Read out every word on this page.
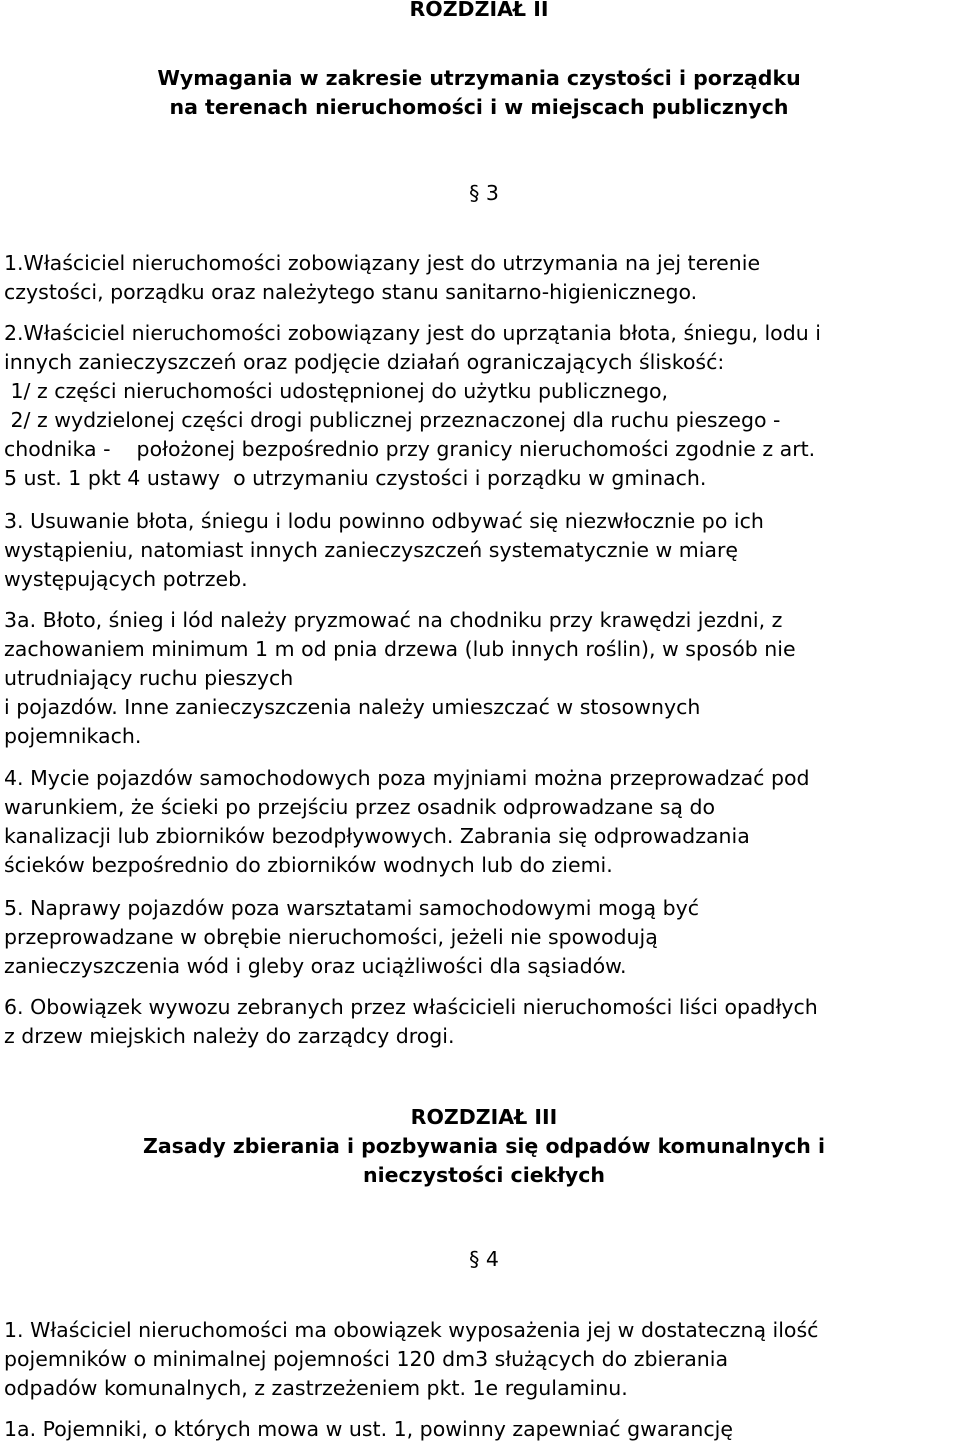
ROZDZIAŁ II
Wymagania w zakresie utrzymania czystości i porządku
na terenach nieruchomości i w miejscach publicznych
§ 3
1.Właściciel nieruchomości zobowiązany jest do utrzymania na jej terenie
czystości, porządku oraz należytego stanu sanitarno-higienicznego.
2.Właściciel nieruchomości zobowiązany jest do uprzątania błota, śniegu, lodu i
innych zanieczyszczeń oraz podjęcie działań ograniczających śliskość:
1/ z części nieruchomości udostępnionej do użytku publicznego,
2/ z wydzielonej części drogi publicznej przeznaczonej dla ruchu pieszego -
chodnika -    położonej bezpośrednio przy granicy nieruchomości zgodnie z art.
5 ust. 1 pkt 4 ustawy  o utrzymaniu czystości i porządku w gminach.
3. Usuwanie błota, śniegu i lodu powinno odbywać się niezwłocznie po ich
wystąpieniu, natomiast innych zanieczyszczeń systematycznie w miarę
występujących potrzeb.
3a. Błoto, śnieg i lód należy pryzmować na chodniku przy krawędzi jezdni, z
zachowaniem minimum 1 m od pnia drzewa (lub innych roślin), w sposób nie
utrudniający ruchu pieszych
i pojazdów. Inne zanieczyszczenia należy umieszczać w stosownych
pojemnikach.
4. Mycie pojazdów samochodowych poza myjniami można przeprowadzać pod
warunkiem, że ścieki po przejściu przez osadnik odprowadzane są do
kanalizacji lub zbiorników bezodpływowych. Zabrania się odprowadzania
ścieków bezpośrednio do zbiorników wodnych lub do ziemi.
5. Naprawy pojazdów poza warsztatami samochodowymi mogą być
przeprowadzane w obrębie nieruchomości, jeżeli nie spowodują
zanieczyszczenia wód i gleby oraz uciążliwości dla sąsiadów.
6. Obowiązek wywozu zebranych przez właścicieli nieruchomości liści opadłych
z drzew miejskich należy do zarządcy drogi.
ROZDZIAŁ III
Zasady zbierania i pozbywania się odpadów komunalnych i
nieczystości ciekłych
§ 4
1. Właściciel nieruchomości ma obowiązek wyposażenia jej w dostateczną ilość
pojemników o minimalnej pojemności 120 dm3 służących do zbierania
odpadów komunalnych, z zastrzeżeniem pkt. 1e regulaminu.
1a. Pojemniki, o których mowa w ust. 1, powinny zapewniać gwarancję
